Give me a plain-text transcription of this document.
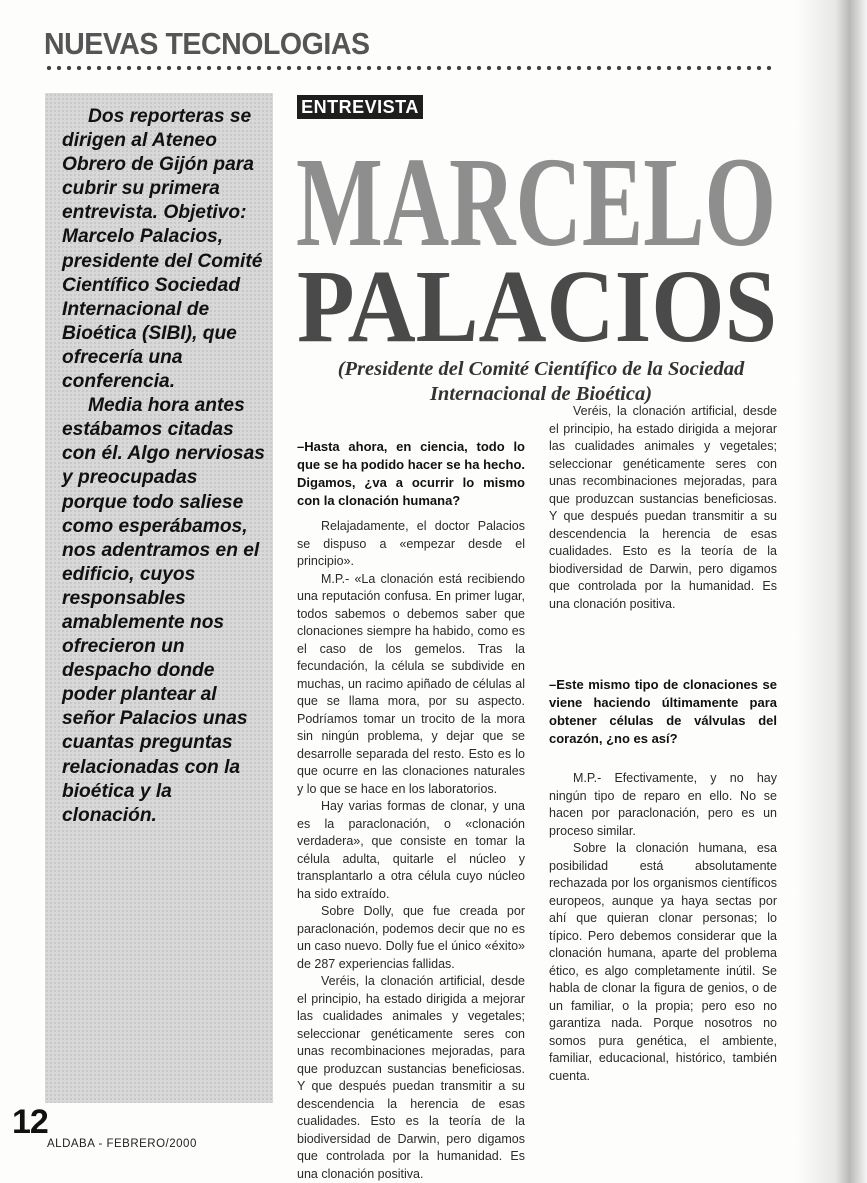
NUEVAS TECNOLOGIAS

Dos reporteras se dirigen al Ateneo Obrero de Gijón para cubrir su primera entrevista. Objetivo: Marcelo Palacios, presidente del Comité Científico Sociedad Internacional de Bioética (SIBI), que ofrecería una conferencia.

Media hora antes estábamos citadas con él. Algo nerviosas y preocupadas porque todo saliese como esperábamos, nos adentramos en el edificio, cuyos responsables amablemente nos ofrecieron un despacho donde poder plantear al señor Palacios unas cuantas preguntas relacionadas con la bioética y la clonación.

MARCELO
ENTREVISTA
PALACIOS
(Presidente del Comité Científico de la Sociedad Internacional de Bioética)

–Hasta ahora, en ciencia, todo lo que se ha podido hacer se ha hecho. Digamos, ¿va a ocurrir lo mismo con la clonación humana?

Relajadamente, el doctor Palacios se dispuso a «empezar desde el principio».

M.P.- «La clonación está recibiendo una reputación confusa. En primer lugar, todos sabemos o debemos saber que clonaciones siempre ha habido, como es el caso de los gemelos. Tras la fecundación, la célula se subdivide en muchas, un racimo apiñado de células al que se llama mora, por su aspecto. Podríamos tomar un trocito de la mora sin ningún problema, y dejar que se desarrolle separada del resto. Esto es lo que ocurre en las clonaciones naturales y lo que se hace en los laboratorios.

Hay varias formas de clonar, y una es la paraclonación, o «clonación verdadera», que consiste en tomar la célula adulta, quitarle el núcleo y transplantarlo a otra célula cuyo núcleo ha sido extraído.

Sobre Dolly, que fue creada por paraclonación, podemos decir que no es un caso nuevo. Dolly fue el único «éxito» de 287 experiencias fallidas.

Veréis, la clonación artificial, desde el principio, ha estado dirigida a mejorar las cualidades animales y vegetales; seleccionar genéticamente seres con unas recombinaciones mejoradas, para que produzcan sustancias beneficiosas. Y que después puedan transmitir a su descendencia la herencia de esas cualidades. Esto es la teoría de la biodiversidad de Darwin, pero digamos que controlada por la humanidad. Es una clonación positiva.

–Este mismo tipo de clonaciones se viene haciendo últimamente para obtener células de válvulas del corazón, ¿no es así?

M.P.- Efectivamente, y no hay ningún tipo de reparo en ello. No se hacen por paraclonación, pero es un proceso similar.

Sobre la clonación humana, esa posibilidad está absolutamente rechazada por los organismos científicos europeos, aunque ya haya sectas por ahí que quieran clonar personas; lo típico. Pero debemos considerar que la clonación humana, aparte del problema ético, es algo completamente inútil. Se habla de clonar la figura de genios, o de un familiar, o la propia; pero eso no garantiza nada. Porque nosotros no somos pura genética, el ambiente, familiar, educacional, histórico, también cuenta.

Veréis, la clonación artificial, desde el principio, ha estado dirigida a mejorar las cualidades animales y vegetales; seleccionar genéticamente seres con unas recombinaciones mejoradas, para que produzcan sustancias beneficiosas. Y que después puedan transmitir a su descendencia la herencia de esas cualidades. Esto es la teoría de la biodiversidad de Darwin, pero digamos que controlada por la humanidad. Es una clonación positiva.

12
ALDABA - FEBRERO/2000
